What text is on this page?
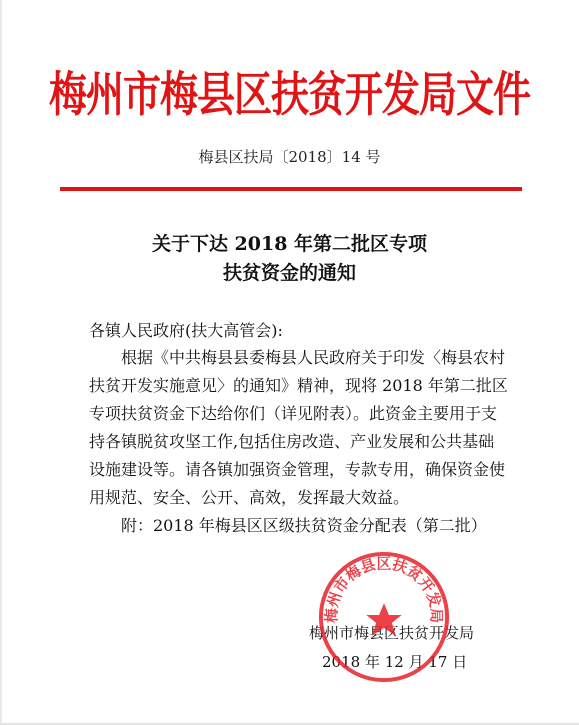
梅州市梅县区扶贫开发局文件
梅县区扶局〔2018〕14 号
关于下达 2018 年第二批区专项
扶贫资金的通知
各镇人民政府(扶大高管会):
根据《中共梅县县委梅县人民政府关于印发〈梅县农村
扶贫开发实施意见〉的通知》精神，现将 2018 年第二批区
专项扶贫资金下达给你们（详见附表）。此资金主要用于支
持各镇脱贫攻坚工作,包括住房改造、产业发展和公共基础
设施建设等。请各镇加强资金管理，专款专用，确保资金使
用规范、安全、公开、高效，发挥最大效益。
附：2018 年梅县区区级扶贫资金分配表（第二批）
梅州市梅县区扶贫开发局
2018 年 12 月 17 日
梅州市梅县区扶贫开发局
